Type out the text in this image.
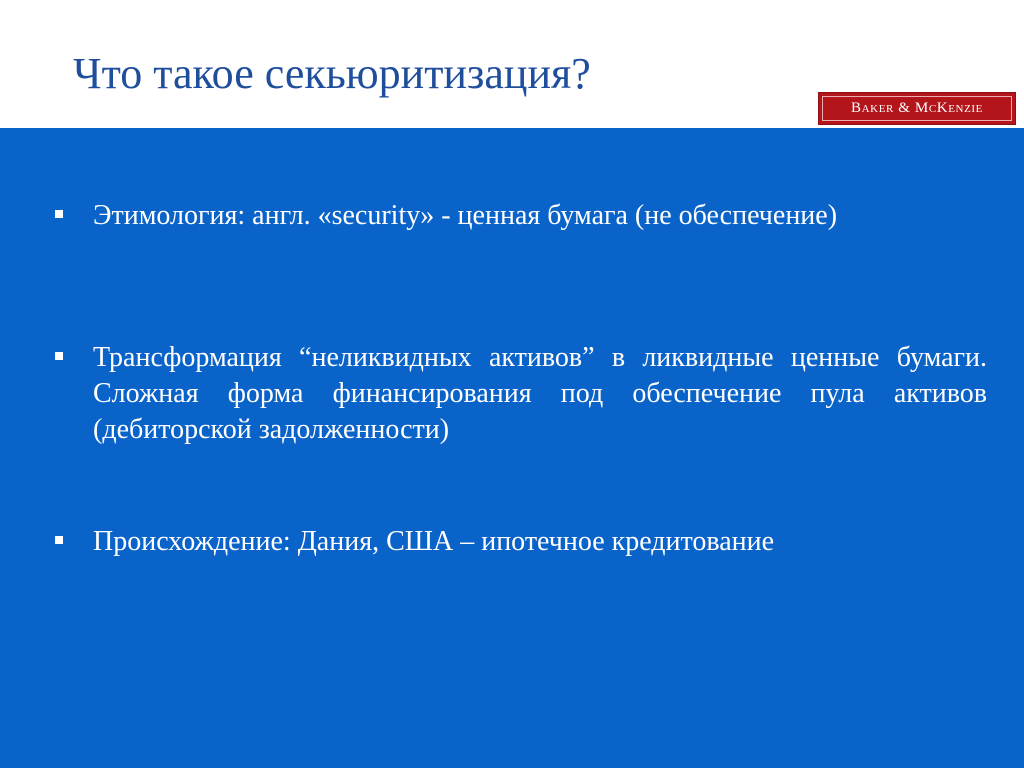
Что такое секьюритизация?
Baker & McKenzie

Этимология: англ. «security» - ценная бумага (не обеспечение)

Трансформация “неликвидных активов” в ликвидные ценные бумаги. Сложная форма финансирования под обеспечение пула активов (дебиторской задолженности)

Происхождение: Дания, США – ипотечное кредитование
